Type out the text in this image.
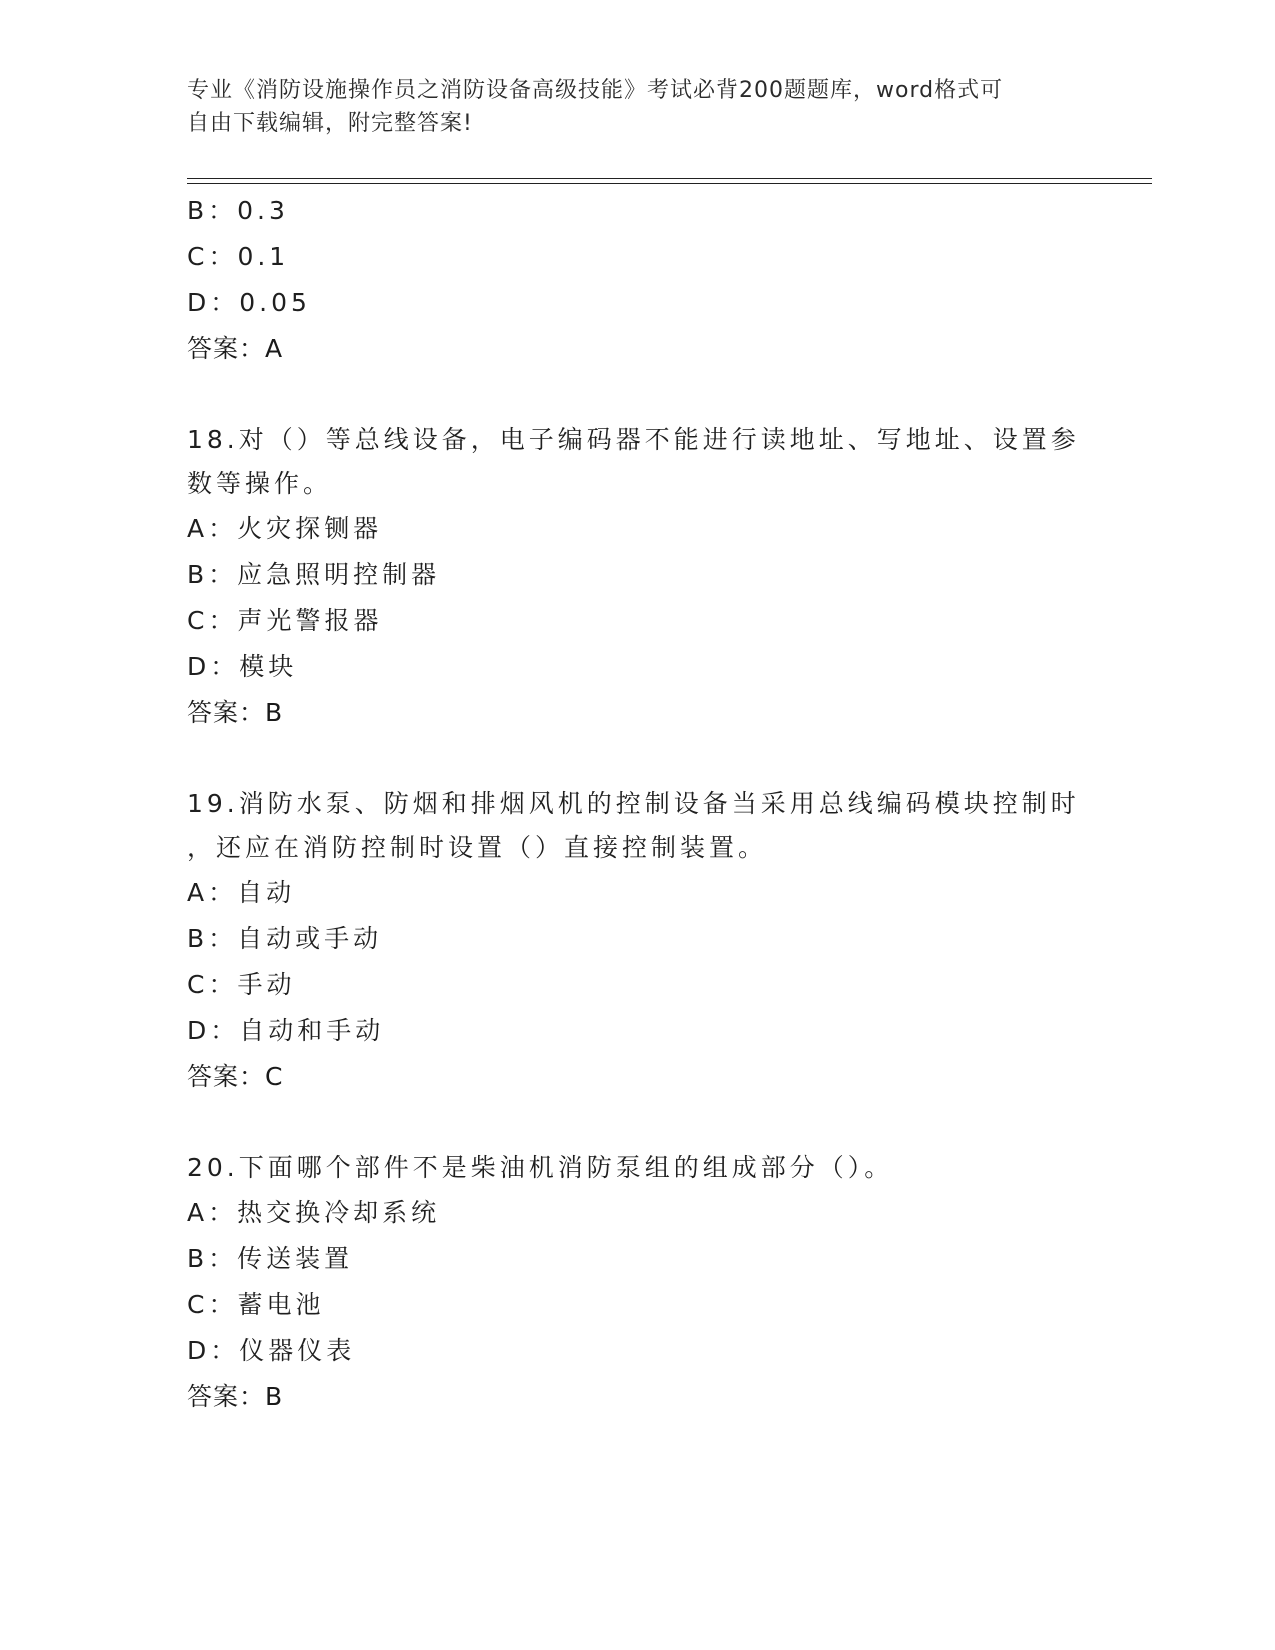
专业《消防设施操作员之消防设备高级技能》考试必背200题题库，word格式可
自由下载编辑，附完整答案!
B：0.3
C：0.1
D：0.05
答案：A
18.对（）等总线设备，电子编码器不能进行读地址、写地址、设置参
数等操作。
A：火灾探铡器
B：应急照明控制器
C：声光警报器
D：模块
答案：B
19.消防水泵、防烟和排烟风机的控制设备当采用总线编码模块控制时
，还应在消防控制时设置（）直接控制装置。
A：自动
B：自动或手动
C：手动
D：自动和手动
答案：C
20.下面哪个部件不是柴油机消防泵组的组成部分（）。
A：热交换冷却系统
B：传送装置
C：蓄电池
D：仪器仪表
答案：B
